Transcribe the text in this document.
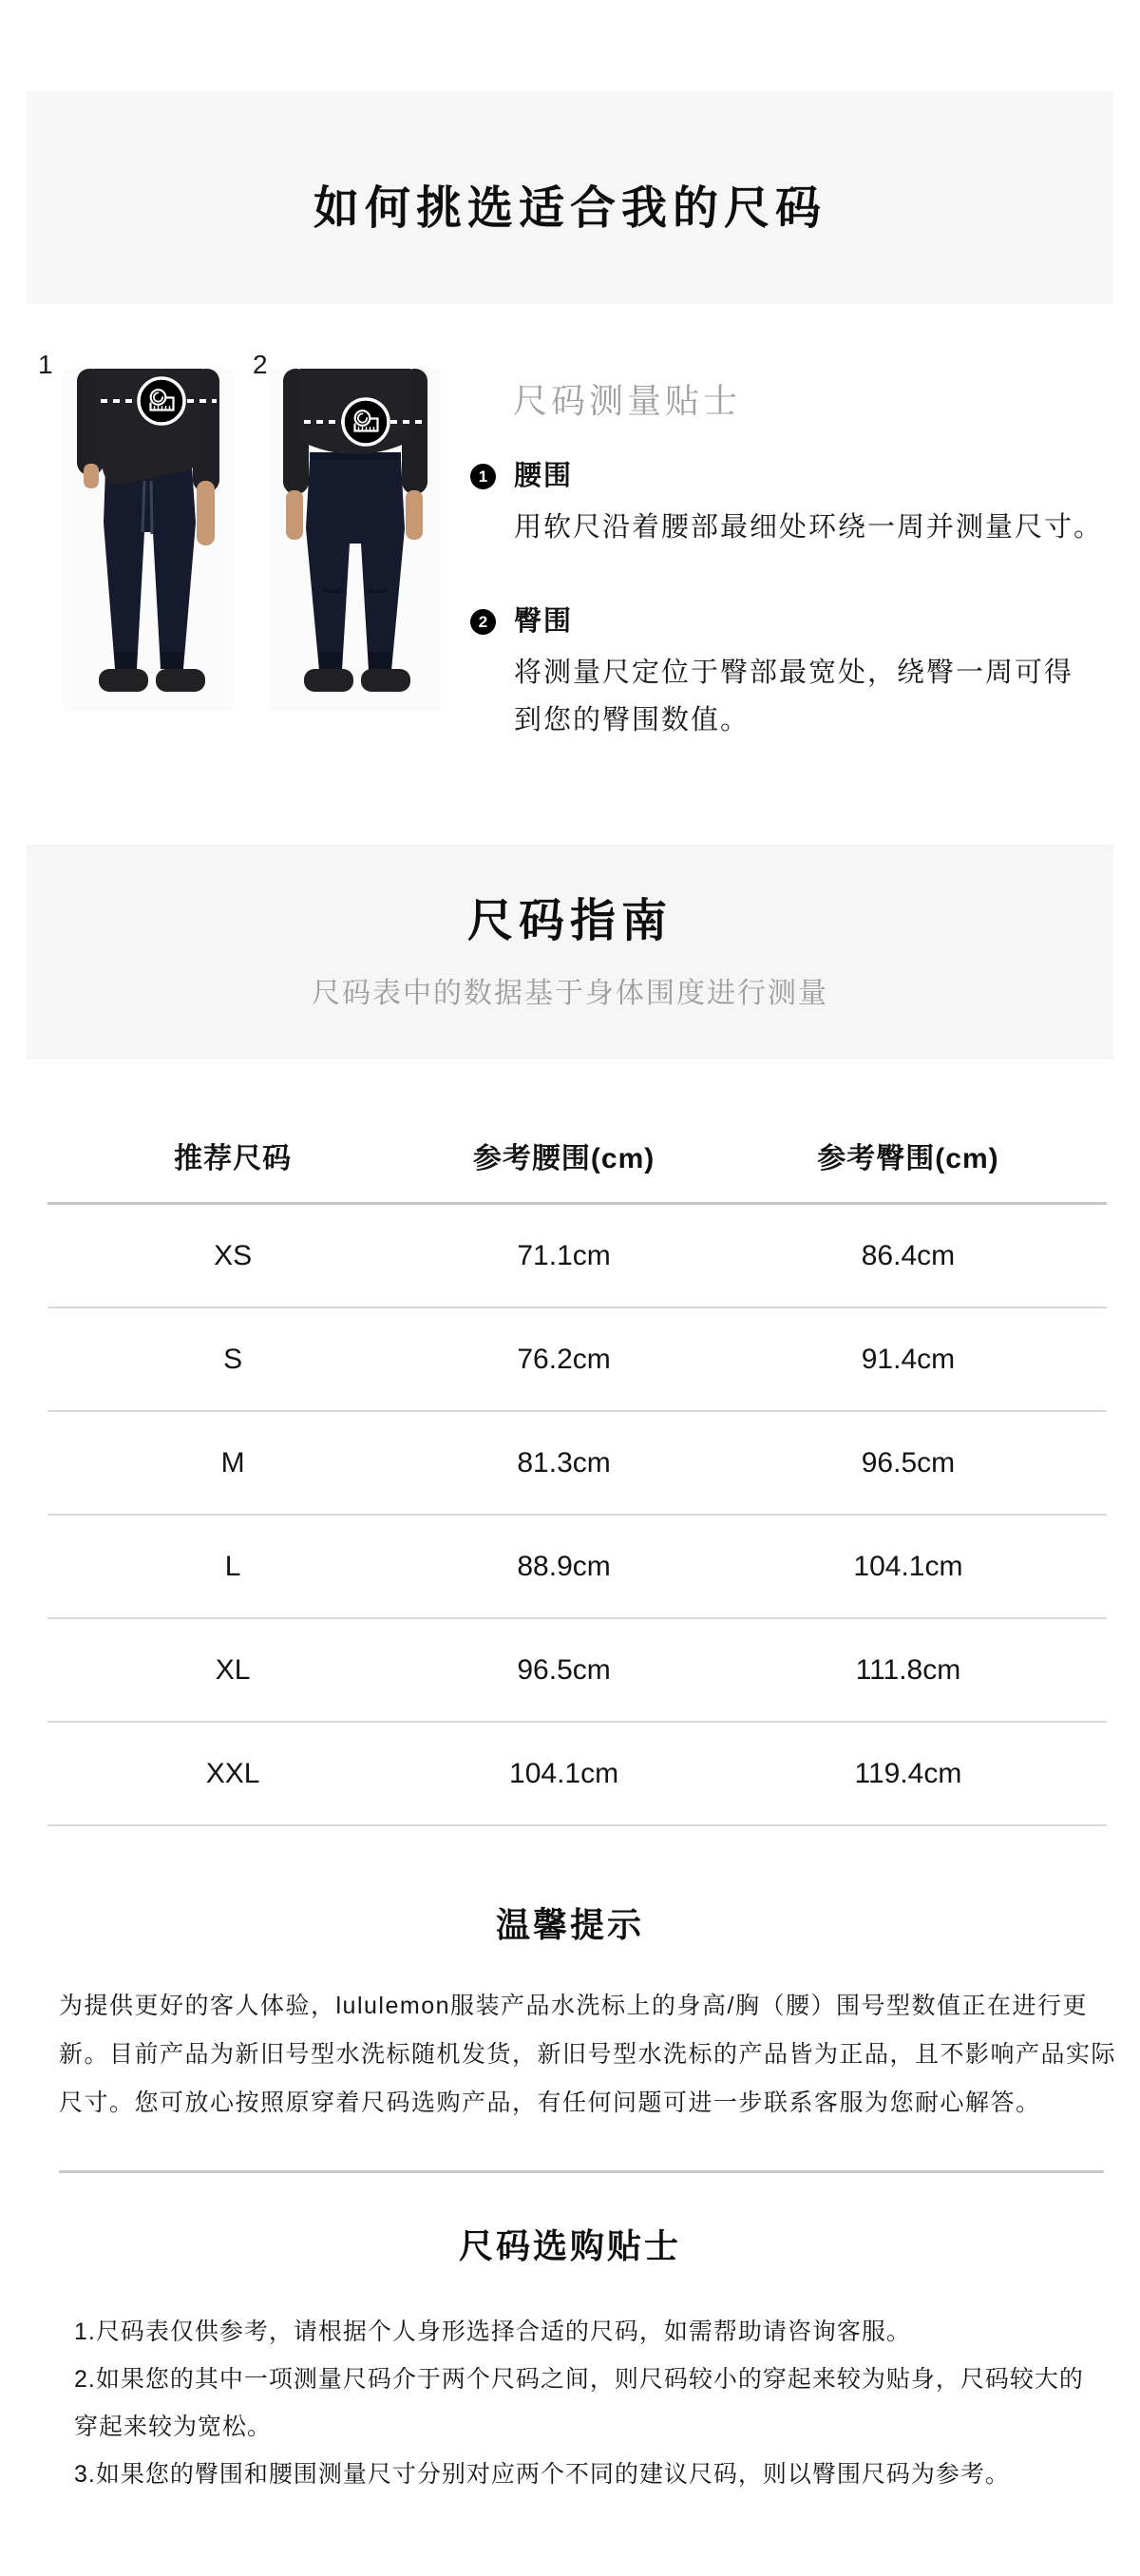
如何挑选适合我的尺码
1	2
尺码测量贴士
1 腰围
用软尺沿着腰部最细处环绕一周并测量尺寸。
2 臀围
将测量尺定位于臀部最宽处，绕臀一周可得
到您的臀围数值。
尺码指南

尺码表中的数据基于身体围度进行测量

推荐尺码	参考腰围(cm)	参考臀围(cm)
XS	71.1cm	86.4cm
S	76.2cm	91.4cm
M	81.3cm	96.5cm
L	88.9cm	104.1cm
XL	96.5cm	111.8cm
XXL	104.1cm	119.4cm
温馨提示
为提供更好的客人体验，lululemon服装产品水洗标上的身高/胸（腰）围号型数值正在进行更
新。目前产品为新旧号型水洗标随机发货，新旧号型水洗标的产品皆为正品，且不影响产品实际
尺寸。您可放心按照原穿着尺码选购产品，有任何问题可进一步联系客服为您耐心解答。
尺码选购贴士
1.尺码表仅供参考，请根据个人身形选择合适的尺码，如需帮助请咨询客服。
2.如果您的其中一项测量尺码介于两个尺码之间，则尺码较小的穿起来较为贴身，尺码较大的
穿起来较为宽松。
3.如果您的臀围和腰围测量尺寸分别对应两个不同的建议尺码，则以臀围尺码为参考。
